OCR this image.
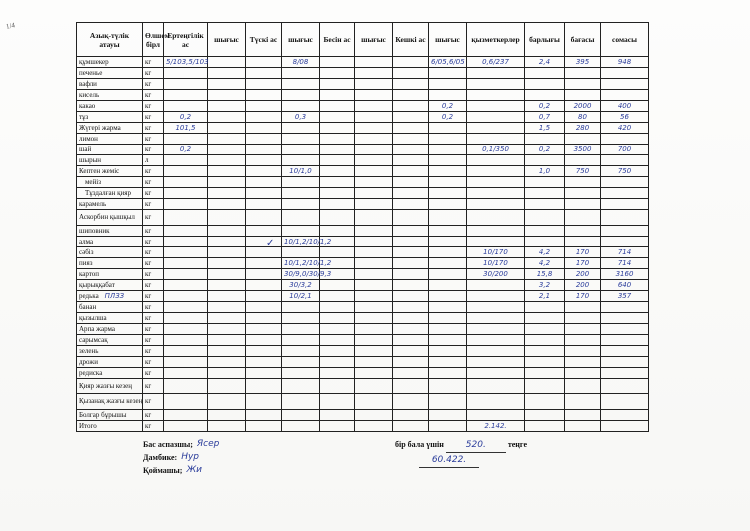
1/4
Азық-түлік атауы	Өлшем бірл	Ертеңгілік ас	шығыс	Түскі ас	шығыс	Бесін ас	шығыс	Кешкі ас	шығыс	қызметкерлер	барлығы	бағасы	сомасы
құмшекер	кг	5/103,5/103			8/08				6/05,6/05	0,6/237	2,4	395	948
печенье	кг												
вафли	кг												
кисель	кг												
какао	кг								0,2		0,2	2000	400
тұз	кг	0,2			0,3				0,2		0,7	80	56
Жүгері жарма	кг	101,5									1,5	280	420
лимон	кг												
шай	кг	0,2								0,1/350	0,2	3500	700
шырын	л												
Кептен жеміс	кг				10/1,0						1,0	750	750
мейіз	кг												
Тұздалған қияр	кг												
карамель	кг												
Аскорбин қышқыл	кг												
шиповник	кг												
алма	кг				10/1,2/10/1,2								
сәбіз	кг									10/170	4,2	170	714
пияз	кг				10/1,2/10/1,2					10/170	4,2	170	714
картоп	кг				30/9,0/30/9,3					30/200	15,8	200	3160
қырыққабат	кг				30/3,2						3,2	200	640
редька ПЛЗЗ	кг				10/2,1						2,1	170	357
банан	кг												
қызылша	кг												
Арпа жарма	кг												
сарымсақ	кг												
зелень	кг												
дрожи	кг												
редиска	кг												
Қияр жазғы кезең	кг												
Қызанақ жазғы кезең	кг												
Болгар бұрышы	кг												
Итого	кг									2.142.			
✓
Бас аспазшы; Ясер
Дамбике: Нур
Қоймашы; Жи
бір бала үшін 520.	теңге
60.422.
